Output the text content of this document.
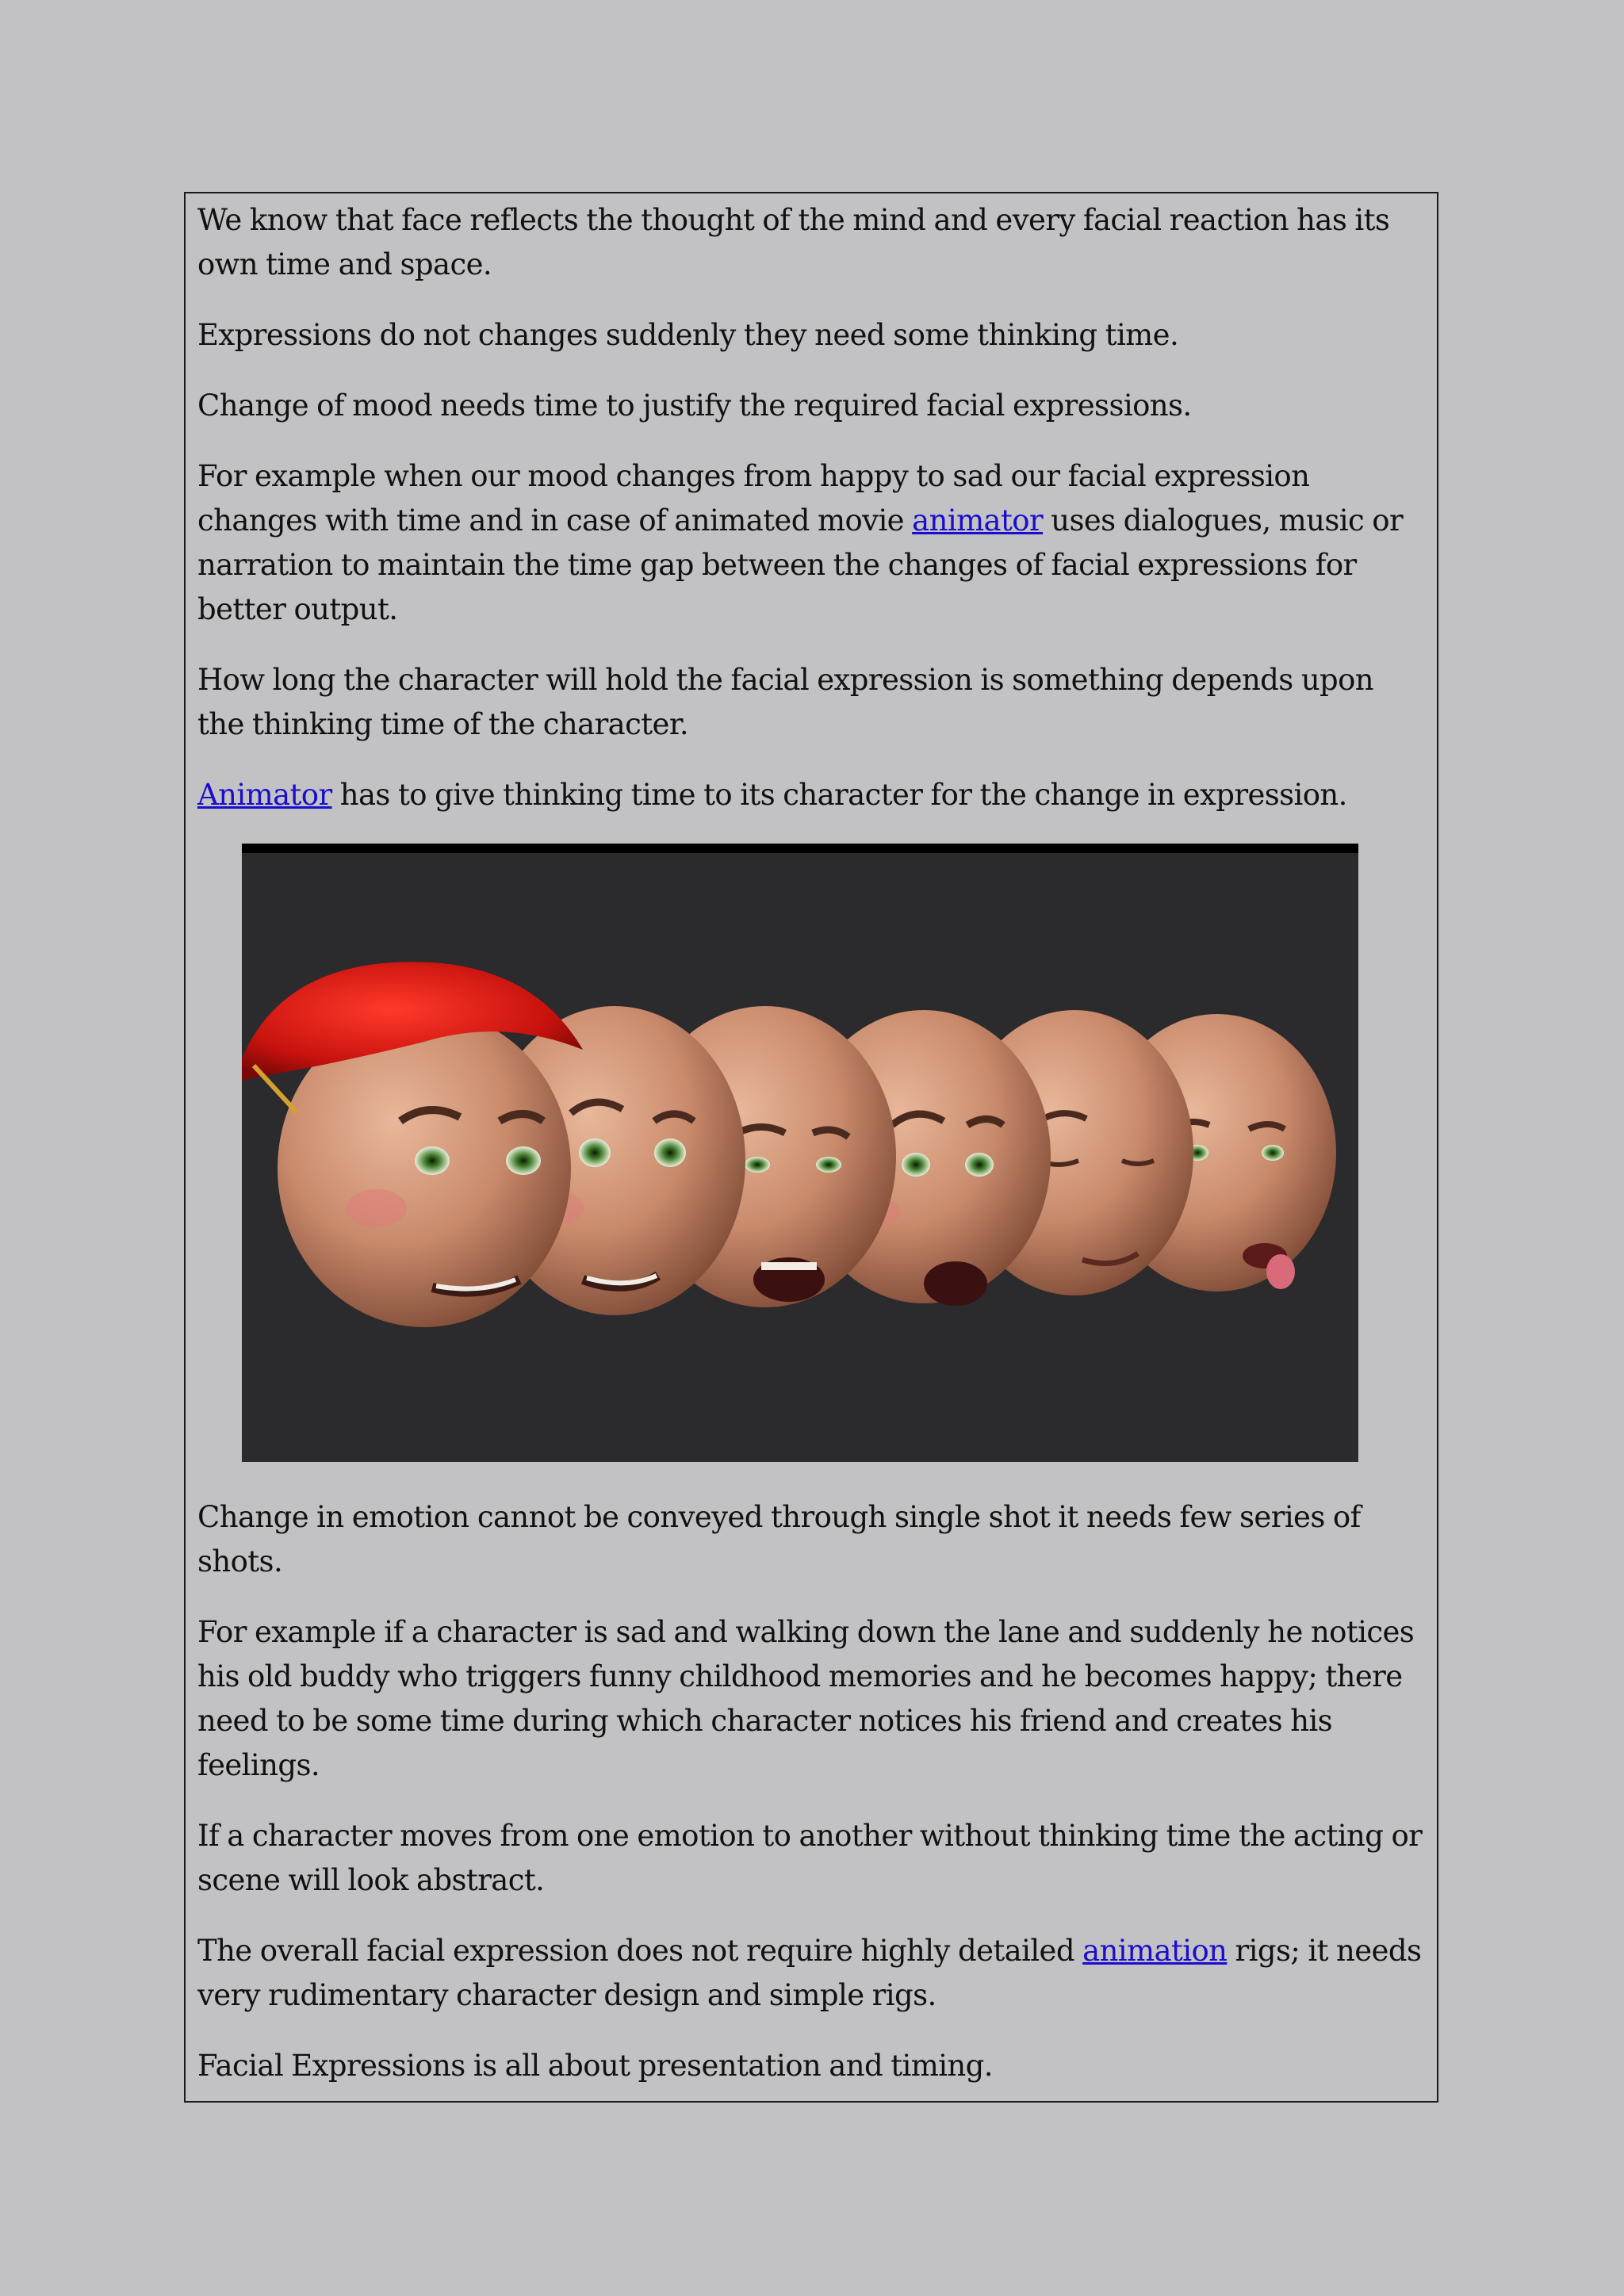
We know that face reflects the thought of the mind and every facial reaction has its own time and space.

Expressions do not changes suddenly they need some thinking time.

Change of mood needs time to justify the required facial expressions.

For example when our mood changes from happy to sad our facial expression changes with time and in case of animated movie animator uses dialogues, music or narration to maintain the time gap between the changes of facial expressions for better output.

How long the character will hold the facial expression is something depends upon the thinking time of the character.

Animator has to give thinking time to its character for the change in expression.

Change in emotion cannot be conveyed through single shot it needs few series of shots.

For example if a character is sad and walking down the lane and suddenly he notices his old buddy who triggers funny childhood memories and he becomes happy; there need to be some time during which character notices his friend and creates his feelings.

If a character moves from one emotion to another without thinking time the acting or scene will look abstract.

The overall facial expression does not require highly detailed animation rigs; it needs very rudimentary character design and simple rigs.

Facial Expressions is all about presentation and timing.
